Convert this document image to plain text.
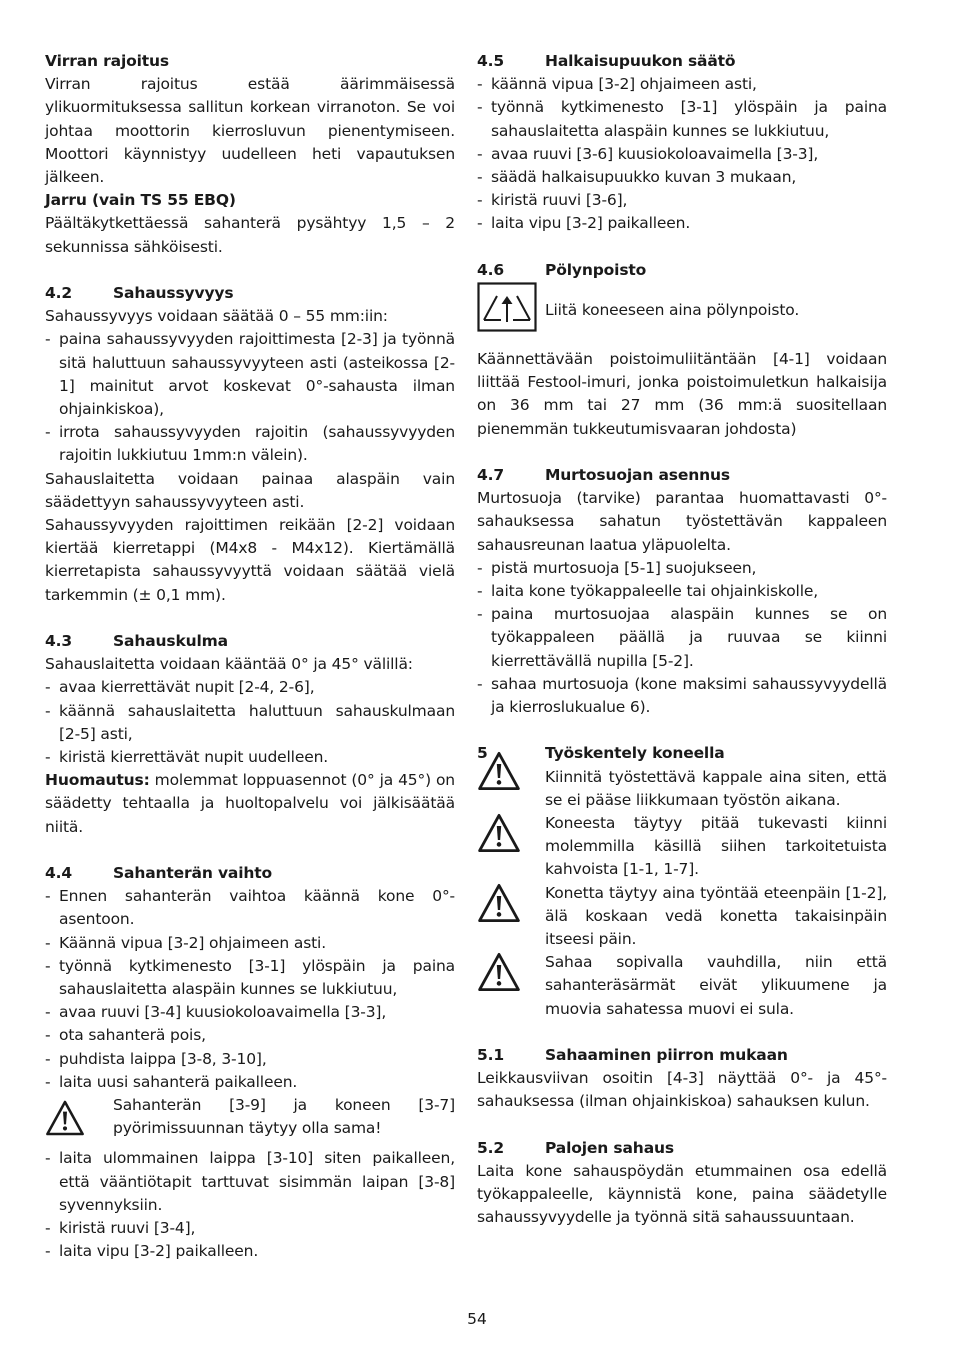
Virran rajoitus

Virran rajoitus estää äärimmäisessä ylikuormituksessa sallitun korkean virranoton. Se voi johtaa moottorin kierrosluvun pienentymiseen. Moottori käynnistyy uudelleen heti vapautuksen jälkeen.

Jarru (vain TS 55 EBQ)

Päältäkytkettäessä sahanterä pysähtyy 1,5 – 2 sekunnissa sähköisesti.

4.2	Sahaussyvyys

Sahaussyvyys voidaan säätää 0 – 55 mm:iin:

- paina sahaussyvyyden rajoittimesta [2-3] ja työnnä sitä haluttuun sahaussyvyyteen asti (asteikossa [2-1] mainitut arvot koskevat 0°-sahausta ilman ohjainkiskoa),
- irrota sahaussyvyyden rajoitin (sahaussyvyyden rajoitin lukkiutuu 1mm:n välein).

Sahauslaitetta voidaan painaa alaspäin vain säädettyyn sahaussyvyyteen asti.

Sahaussyvyyden rajoittimen reikään [2-2] voidaan kiertää kierretappi (M4x8 - M4x12). Kiertämällä kierretapista sahaussyvyyttä voidaan säätää vielä tarkemmin (± 0,1 mm).

4.3	Sahauskulma

Sahauslaitetta voidaan kääntää 0° ja 45° välillä:

- avaa kierrettävät nupit [2-4, 2-6],
- käännä sahauslaitetta haluttuun sahauskulmaan [2-5] asti,
- kiristä kierrettävät nupit uudelleen.

Huomautus: molemmat loppuasennot (0° ja 45°) on säädetty tehtaalla ja huoltopalvelu voi jälkisäätää niitä.

4.4	Sahanterän vaihto
- Ennen sahanterän vaihtoa käännä kone 0°-asentoon.
- Käännä vipua [3-2] ohjaimeen asti.
- työnnä kytkimenesto [3-1] ylöspäin ja paina sahauslaitetta alaspäin kunnes se lukkiutuu,
- avaa ruuvi [3-4] kuusiokoloavaimella [3-3],
- ota sahanterä pois,
- puhdista laippa [3-8, 3-10],
- laita uusi sahanterä paikalleen.
Sahanterän [3-9] ja koneen [3-7] pyörimissuunnan täytyy olla sama!
- laita ulommainen laippa [3-10] siten paikalleen, että vääntiötapit tarttuvat sisimmän laipan [3-8] syvennyksiin.
- kiristä ruuvi [3-4],
- laita vipu [3-2] paikalleen.
4.5	Halkaisupuukon säätö
- käännä vipua [3-2] ohjaimeen asti,
- työnnä kytkimenesto [3-1] ylöspäin ja paina sahauslaitetta alaspäin kunnes se lukkiutuu,
- avaa ruuvi [3-6] kuusiokoloavaimella [3-3],
- säädä halkaisupuukko kuvan 3 mukaan,
- kiristä ruuvi [3-6],
- laita vipu [3-2] paikalleen.
4.6	Pölynpoisto
Liitä koneeseen aina pölynpoisto.

Käännettävään poistoimuliitäntään [4-1] voidaan liittää Festool-imuri, jonka poistoimuletkun halkaisija on 36 mm tai 27 mm (36 mm:ä suositellaan pienemmän tukkeutumisvaaran johdosta)

4.7	Murtosuojan asennus

Murtosuoja (tarvike) parantaa huomattavasti 0°-sahauksessa sahatun työstettävän kappaleen sahausreunan laatua yläpuolelta.

- pistä murtosuoja [5-1] suojukseen,
- laita kone työkappaleelle tai ohjainkiskolle,
- paina murtosuojaa alaspäin kunnes se on työkappaleen päällä ja ruuvaa se kiinni kierrettävällä nupilla [5-2].
- sahaa murtosuoja (kone maksimi sahaussyvyydellä ja kierroslukualue 6).
5	Työskentely koneella
Kiinnitä työstettävä kappale aina siten, että se ei pääse liikkumaan työstön aikana.
Koneesta täytyy pitää tukevasti kiinni molemmilla käsillä siihen tarkoitetuista kahvoista [1-1, 1-7].
Konetta täytyy aina työntää eteenpäin [1-2], älä koskaan vedä konetta takaisinpäin itseesi päin.
Sahaa sopivalla vauhdilla, niin että sahanteräsärmät eivät ylikuumene ja muovia sahatessa muovi ei sula.
5.1	Sahaaminen piirron mukaan

Leikkausviivan osoitin [4-3] näyttää 0°- ja 45°-sahauksessa (ilman ohjainkiskoa) sahauksen kulun.

5.2	Palojen sahaus

Laita kone sahauspöydän etummainen osa edellä työkappaleelle, käynnistä kone, paina säädetylle sahaussyvyydelle ja työnnä sitä sahaussuuntaan.

54
